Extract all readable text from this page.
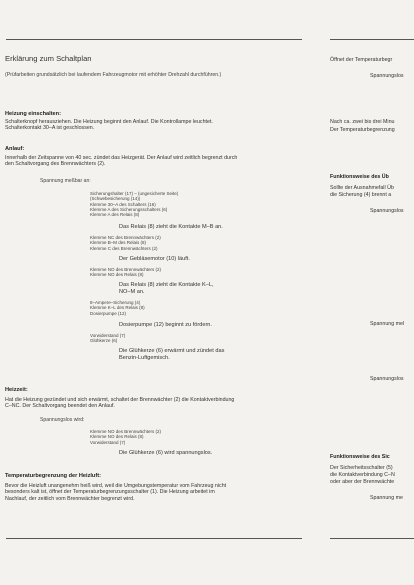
Erklärung zum Schaltplan
(Prüfarbeiten grundsätzlich bei laufendem Fahrzeugmotor mit erhöhter Drehzahl durchführen.)
Heizung einschalten:
Schalterknopf herausziehen. Die Heizung beginnt den Anlauf. Die Kontrollampe leuchtet.
Schalterkontakt 30–A ist geschlossen.
Anlauf:
Innerhalb der Zeitspanne von 40 sec. zündet das Heizgerät. Der Anlauf wird zeitlich begrenzt durch
den Schaltvorgang des Brennwächters (2).
Spannung meßbar an:
Sicherungshalter (17) – (ungesicherte Seite)
(Schwebesicherung (14))
Klemme 30–A des Schalters (16)
Klemme A des Sicherungsschalters (6)
Klemme A des Relais (8)
Das Relais (8) zieht die Kontakte M–B an.
Klemme NC des Brennwächters (2)
Klemme B–M des Relais (8)
Klemme C des Brennwächters (2)
Der Gebläsemotor (10) läuft.
Klemme NO des Brennwächters (2)
Klemme NO des Relais (8)
Das Relais (8) zieht die Kontakte K–L,
NO–M an.
8–Ampere–Sicherung (4)
Klemme K–L des Relais (8)
Dosierpumpe (12)
Dosierpumpe (12) beginnt zu fördern.
Vorwiderstand (7)
Glühkerze (6)
Die Glühkerze (6) erwärmt und zündet das
Benzin-Luftgemisch.
Heizzeit:
Hat die Heizung gezündet und sich erwärmt, schaltet der Brennwächter (2) die Kontaktverbindung
C–NC. Der Schaltvorgang beendet den Anlauf.
Spannungslos wird:
Klemme NO des Brennwächters (2)
Klemme NO des Relais (8)
Vorwiderstand (7)
Die Glühkerze (6) wird spannungslos.
Temperaturbegrenzung der Heizluft:
Bevor die Heizluft unangenehm heiß wird, weil die Umgebungstemperatur vom Fahrzeug nicht
besonders kalt ist, öffnet der Temperaturbegrenzungsschalter (1). Die Heizung arbeitet im
Nachlauf, der zeitlich vom Brennwächter begrenzt wird.
Öffnet der Temperaturbegr
Spannungslos
Nach ca. zwei bis drei Minu
Der Temperaturbegrenzung
Funktionsweise des Üb
Sollte der Ausnahmefall Üb
die Sicherung (4) brennt a
Spannungslos
Spannung mel
Spannungslos
Funktionsweise des Sic
Der Sicherheitsschalter (5)
die Kontaktverbindung C–N
oder aber der Brennwächte
Spannung me
